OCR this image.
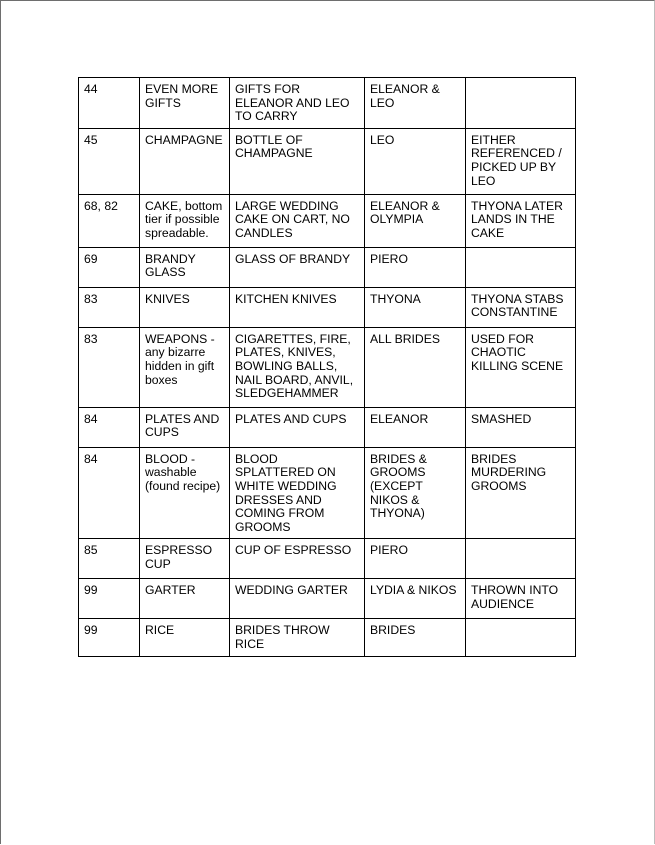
44	EVEN MORE GIFTS	GIFTS FOR ELEANOR AND LEO TO CARRY	ELEANOR & LEO	
45	CHAMPAGNE	BOTTLE OF CHAMPAGNE	LEO	EITHER REFERENCED / PICKED UP BY LEO
68, 82	CAKE, bottom tier if possible spreadable.	LARGE WEDDING CAKE ON CART, NO CANDLES	ELEANOR & OLYMPIA	THYONA LATER LANDS IN THE CAKE
69	BRANDY GLASS	GLASS OF BRANDY	PIERO	
83	KNIVES	KITCHEN KNIVES	THYONA	THYONA STABS CONSTANTINE
83	WEAPONS - any bizarre hidden in gift boxes	CIGARETTES, FIRE, PLATES, KNIVES, BOWLING BALLS, NAIL BOARD, ANVIL, SLEDGEHAMMER	ALL BRIDES	USED FOR CHAOTIC KILLING SCENE
84	PLATES AND CUPS	PLATES AND CUPS	ELEANOR	SMASHED
84	BLOOD - washable (found recipe)	BLOOD SPLATTERED ON WHITE WEDDING DRESSES AND COMING FROM GROOMS	BRIDES & GROOMS (EXCEPT NIKOS & THYONA)	BRIDES MURDERING GROOMS
85	ESPRESSO CUP	CUP OF ESPRESSO	PIERO	
99	GARTER	WEDDING GARTER	LYDIA & NIKOS	THROWN INTO AUDIENCE
99	RICE	BRIDES THROW RICE	BRIDES	
